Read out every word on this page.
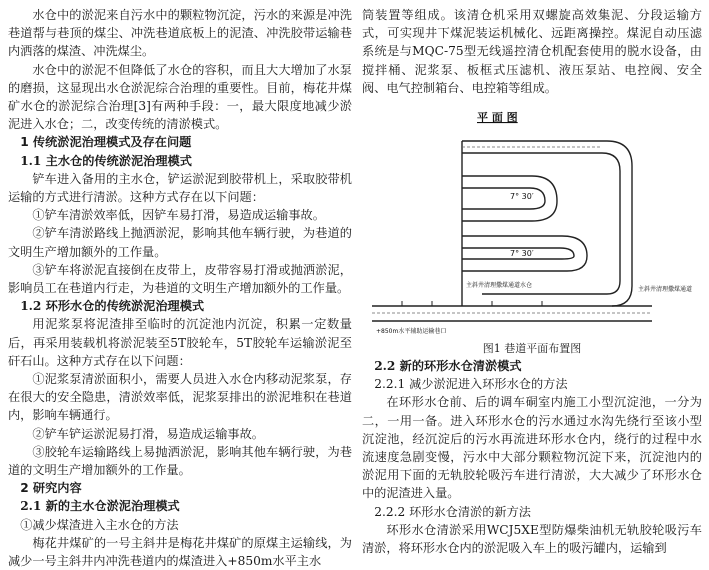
水仓中的淤泥来自污水中的颗粒物沉淀，污水的来源是冲洗巷道帮与巷顶的煤尘、冲洗巷道底板上的泥渣、冲洗胶带运输巷内洒落的煤渣、冲洗煤尘。

水仓中的淤泥不但降低了水仓的容积，而且大大增加了水泵的磨损，这显现出水仓淤泥综合治理的重要性。目前，梅花井煤矿水仓的淤泥综合治理[3]有两种手段：一，最大限度地减少淤泥进入水仓；二，改变传统的清淤模式。

1 传统淤泥治理模式及存在问题

1.1 主水仓的传统淤泥治理模式

铲车进入备用的主水仓，铲运淤泥到胶带机上，采取胶带机运输的方式进行清淤。这种方式存在以下问题：

①铲车清淤效率低，因铲车易打滑，易造成运输事故。

②铲车清淤路线上抛洒淤泥，影响其他车辆行驶，为巷道的文明生产增加额外的工作量。

③铲车将淤泥直接倒在皮带上，皮带容易打滑或抛洒淤泥，影响员工在巷道内行走，为巷道的文明生产增加额外的工作量。

1.2 环形水仓的传统淤泥治理模式

用泥浆泵将泥渣排至临时的沉淀池内沉淀，积累一定数量后，再采用装载机将淤泥装至5T胶轮车，5T胶轮车运输淤泥至矸石山。这种方式存在以下问题：

①泥浆泵清淤面积小，需要人员进入水仓内移动泥浆泵，存在很大的安全隐患，清淤效率低，泥浆泵排出的淤泥堆积在巷道内，影响车辆通行。

②铲车铲运淤泥易打滑，易造成运输事故。

③胶轮车运输路线上易抛洒淤泥，影响其他车辆行驶，为巷道的文明生产增加额外的工作量。

2 研究内容

2.1 新的主水仓淤泥治理模式

①减少煤渣进入主水仓的方法

梅花井煤矿的一号主斜井是梅花井煤矿的原煤主运输线，为减少一号主斜井内冲洗巷道内的煤渣进入+850m水平主水

筒装置等组成。该清仓机采用双螺旋高效集泥、分段运输方式，可实现井下煤泥装运机械化、远距离操控。煤泥自动压滤系统是与MQC-75型无线遥控清仓机配套使用的脱水设备，由搅拌桶、泥浆泵、板框式压滤机、液压泵站、电控阀、安全阀、电气控制箱台、电控箱等组成。

平 面 图
7° 30′
7° 30′
主斜井清理撒煤通道水仓
主斜井清理撒煤通道
+850m水平辅助运输巷口

图1 巷道平面布置图

2.2 新的环形水仓清淤模式

2.2.1 减少淤泥进入环形水仓的方法

在环形水仓前、后的调车硐室内施工小型沉淀池，一分为二，一用一备。进入环形水仓的污水通过水沟先绕行至该小型沉淀池，经沉淀后的污水再流进环形水仓内，绕行的过程中水流速度急剧变慢，污水中大部分颗粒物沉淀下来，沉淀池内的淤泥用下面的无轨胶轮吸污车进行清淤，大大减少了环形水仓中的泥渣进入量。

2.2.2 环形水仓清淤的新方法

环形水仓清淤采用WCJ5XE型防爆柴油机无轨胶轮吸污车清淤，将环形水仓内的淤泥吸入车上的吸污罐内，运输到
